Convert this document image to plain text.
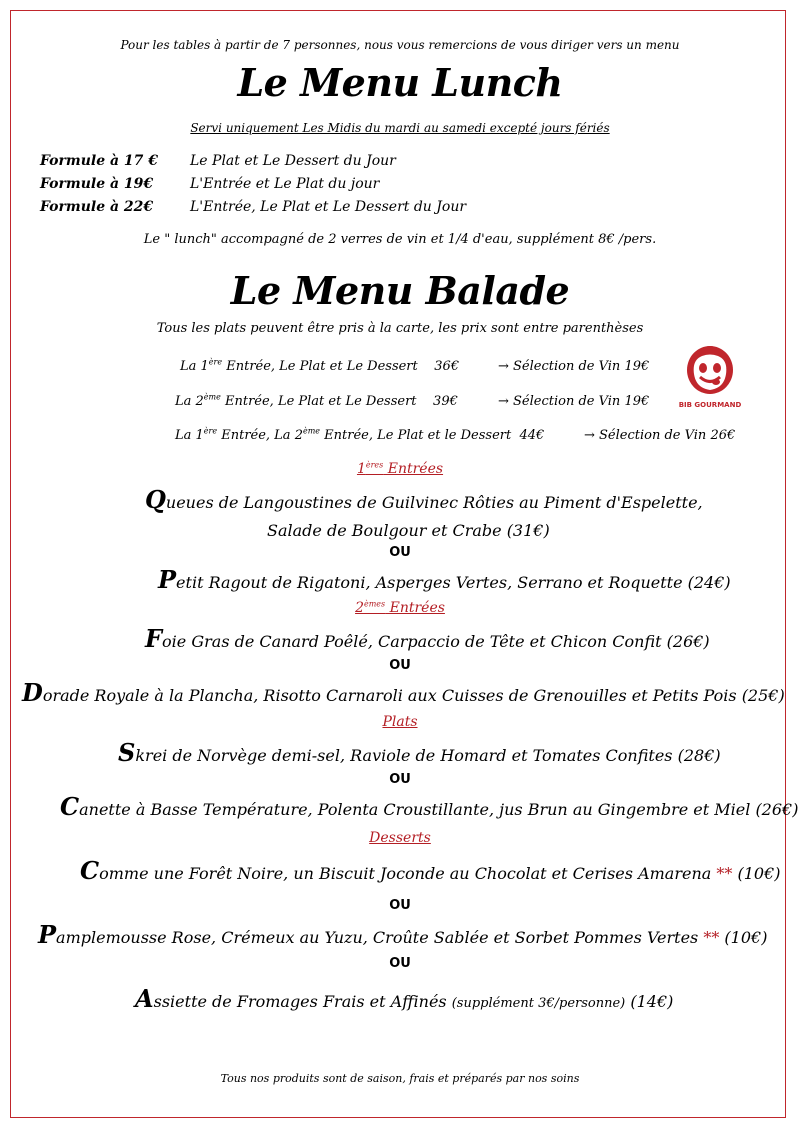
Pour les tables à partir de 7 personnes, nous vous remercions de vous diriger vers un menu
Le Menu Lunch
Servi uniquement Les Midis du mardi au samedi excepté jours fériés
Formule à 17 € Le Plat et Le Dessert du Jour
Formule à 19€	L'Entrée et Le Plat du jour
Formule à 22€	L'Entrée, Le Plat et Le Dessert du Jour
Le " lunch" accompagné de 2 verres de vin et 1/4 d'eau, supplément 8€ /pers.
Le Menu Balade
Tous les plats peuvent être pris à la carte, les prix sont entre parenthèses
La 1ère Entrée, Le Plat et Le Dessert 36€	→ Sélection de Vin 19€
La 2ème Entrée, Le Plat et Le Dessert 39€	→ Sélection de Vin 19€
La 1ère Entrée, La 2ème Entrée, Le Plat et le Dessert 44€	→ Sélection de Vin 26€
BIB GOURMAND
1ères Entrées
Queues de Langoustines de Guilvinec Rôties au Piment d'Espelette,
Salade de Boulgour et Crabe (31€)
OU
Petit Ragout de Rigatoni, Asperges Vertes, Serrano et Roquette (24€)
2èmes Entrées
Foie Gras de Canard Poêlé, Carpaccio de Tête et Chicon Confit (26€)
OU
Dorade Royale à la Plancha, Risotto Carnaroli aux Cuisses de Grenouilles et Petits Pois (25€)
Plats
Skrei de Norvège demi-sel, Raviole de Homard et Tomates Confites (28€)
OU
Canette à Basse Température, Polenta Croustillante, jus Brun au Gingembre et Miel (26€)
Desserts
Comme une Forêt Noire, un Biscuit Joconde au Chocolat et Cerises Amarena ** (10€)
OU
Pamplemousse Rose, Crémeux au Yuzu, Croûte Sablée et Sorbet Pommes Vertes ** (10€)
OU
Assiette de Fromages Frais et Affinés (supplément 3€/personne) (14€)
Tous nos produits sont de saison, frais et préparés par nos soins
